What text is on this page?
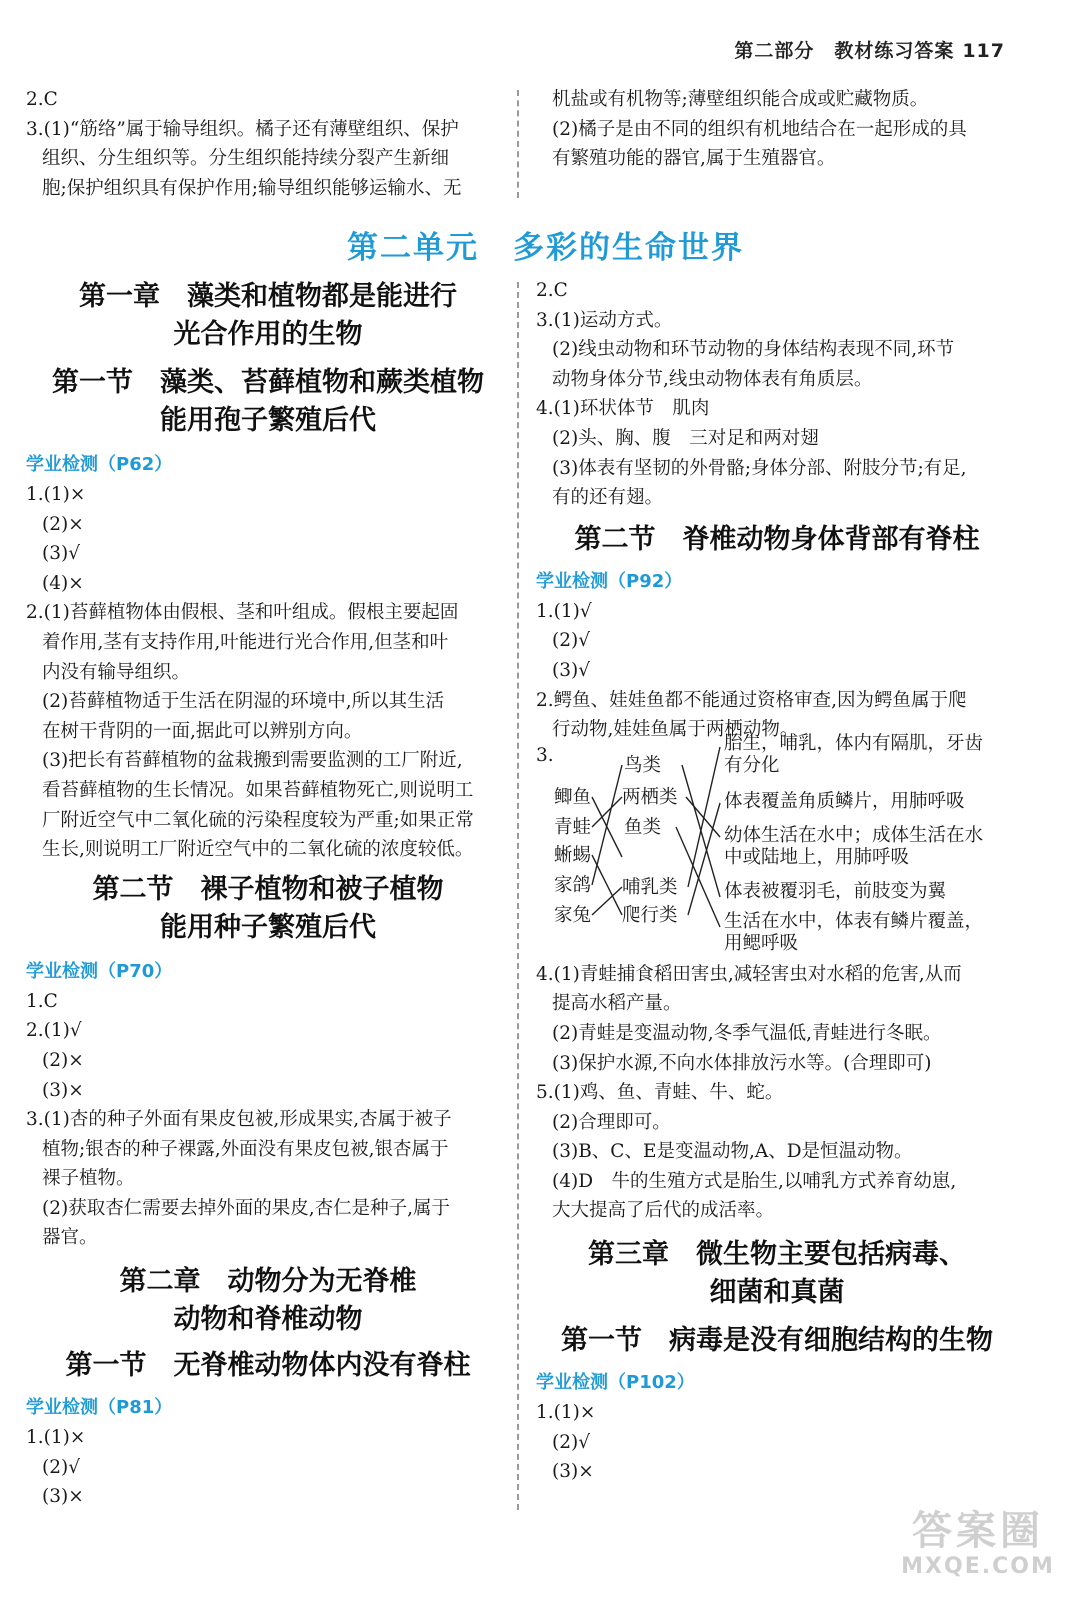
第二部分　教材练习答案 117
2.C
3.(1)“筋络”属于输导组织。橘子还有薄壁组织、保护
组织、分生组织等。分生组织能持续分裂产生新细
胞;保护组织具有保护作用;输导组织能够运输水、无
机盐或有机物等;薄壁组织能合成或贮藏物质。
(2)橘子是由不同的组织有机地结合在一起形成的具
有繁殖功能的器官,属于生殖器官。
第二单元 多彩的生命世界
第一章　藻类和植物都是能进行
光合作用的生物
第一节　藻类、苔藓植物和蕨类植物
能用孢子繁殖后代
学业检测（P62）
1.(1)×
(2)×
(3)√
(4)×
2.(1)苔藓植物体由假根、茎和叶组成。假根主要起固
着作用,茎有支持作用,叶能进行光合作用,但茎和叶
内没有输导组织。
(2)苔藓植物适于生活在阴湿的环境中,所以其生活
在树干背阴的一面,据此可以辨别方向。
(3)把长有苔藓植物的盆栽搬到需要监测的工厂附近,
看苔藓植物的生长情况。如果苔藓植物死亡,则说明工
厂附近空气中二氧化硫的污染程度较为严重;如果正常
生长,则说明工厂附近空气中的二氧化硫的浓度较低。
第二节　裸子植物和被子植物
能用种子繁殖后代
学业检测（P70）
1.C
2.(1)√
(2)×
(3)×
3.(1)杏的种子外面有果皮包被,形成果实,杏属于被子
植物;银杏的种子裸露,外面没有果皮包被,银杏属于
裸子植物。
(2)获取杏仁需要去掉外面的果皮,杏仁是种子,属于
器官。
第二章　动物分为无脊椎
动物和脊椎动物
第一节　无脊椎动物体内没有脊柱
学业检测（P81）
1.(1)×
(2)√
(3)×
2.C
3.(1)运动方式。
(2)线虫动物和环节动物的身体结构表现不同,环节
动物身体分节,线虫动物体表有角质层。
4.(1)环状体节　肌肉
(2)头、胸、腹　三对足和两对翅
(3)体表有坚韧的外骨骼;身体分部、附肢分节;有足,
有的还有翅。
第二节　脊椎动物身体背部有脊柱
学业检测（P92）
1.(1)√
(2)√
(3)√
2.鳄鱼、娃娃鱼都不能通过资格审查,因为鳄鱼属于爬
行动物,娃娃鱼属于两栖动物。
3.
鲫鱼
青蛙
蜥蜴
家鸽
家兔
鸟类
两栖类
鱼类
哺乳类
爬行类
胎生，哺乳，体内有隔肌，牙齿
有分化
体表覆盖角质鳞片，用肺呼吸
幼体生活在水中；成体生活在水
中或陆地上，用肺呼吸
体表被覆羽毛，前肢变为翼
生活在水中，体表有鳞片覆盖，
用鳃呼吸
4.(1)青蛙捕食稻田害虫,减轻害虫对水稻的危害,从而
提高水稻产量。
(2)青蛙是变温动物,冬季气温低,青蛙进行冬眠。
(3)保护水源,不向水体排放污水等。(合理即可)
5.(1)鸡、鱼、青蛙、牛、蛇。
(2)合理即可。
(3)B、C、E是变温动物,A、D是恒温动物。
(4)D　牛的生殖方式是胎生,以哺乳方式养育幼崽,
大大提高了后代的成活率。
第三章　微生物主要包括病毒、
细菌和真菌
第一节　病毒是没有细胞结构的生物
学业检测（P102）
1.(1)×
(2)√
(3)×
答案圈
MXQE.COM
